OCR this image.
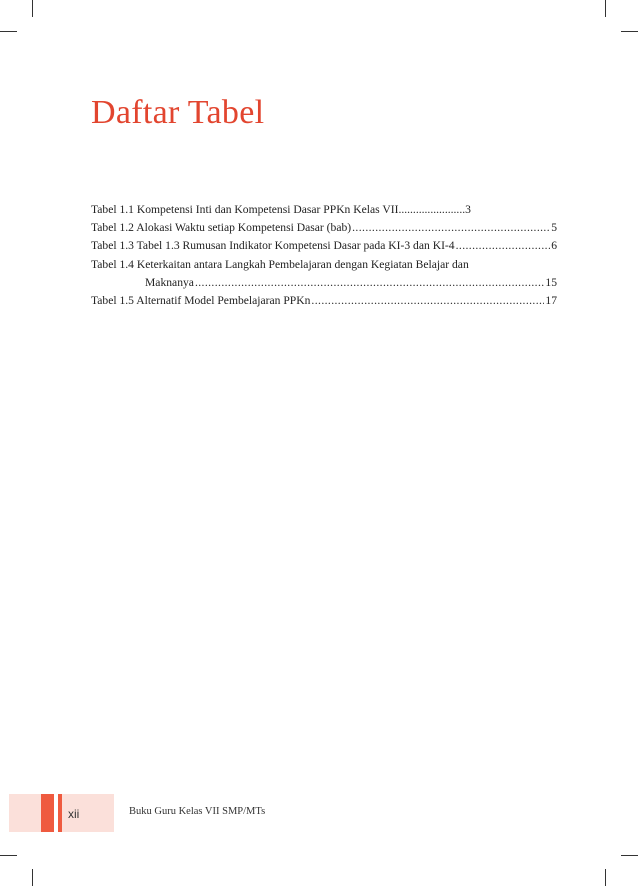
Daftar Tabel
Tabel 1.1 Kompetensi Inti dan Kompetensi Dasar PPKn Kelas VII.................... ...3
Tabel 1.2 Alokasi Waktu setiap Kompetensi Dasar (bab) .....	5
Tabel 1.3 Tabel 1.3 Rumusan Indikator Kompetensi Dasar pada KI-3 dan KI-4 .....	6
Tabel 1.4 Keterkaitan antara Langkah Pembelajaran dengan Kegiatan Belajar dan
Maknanya .....	15
Tabel 1.5 Alternatif Model Pembelajaran PPKn .....	17
xii	Buku Guru Kelas VII SMP/MTs
